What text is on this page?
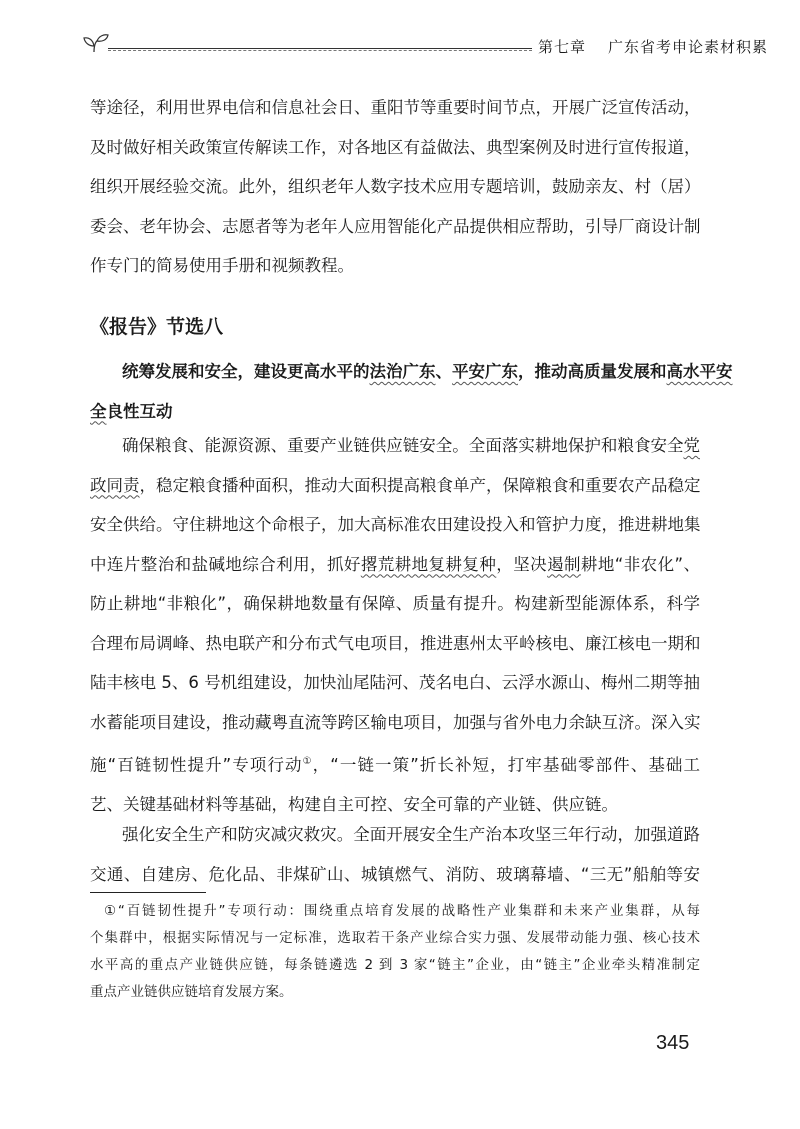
第七章 广东省考申论素材积累
等途径，利用世界电信和信息社会日、重阳节等重要时间节点，开展广泛宣传活动，
及时做好相关政策宣传解读工作，对各地区有益做法、典型案例及时进行宣传报道，
组织开展经验交流。此外，组织老年人数字技术应用专题培训，鼓励亲友、村（居）
委会、老年协会、志愿者等为老年人应用智能化产品提供相应帮助，引导厂商设计制
作专门的简易使用手册和视频教程。
《报告》节选八
统筹发展和安全，建设更高水平的法治广东、平安广东，推动高质量发展和高水平安
全良性互动
确保粮食、能源资源、重要产业链供应链安全。全面落实耕地保护和粮食安全党
政同责，稳定粮食播种面积，推动大面积提高粮食单产，保障粮食和重要农产品稳定
安全供给。守住耕地这个命根子，加大高标准农田建设投入和管护力度，推进耕地集
中连片整治和盐碱地综合利用，抓好撂荒耕地复耕复种，坚决遏制耕地“非农化”、
防止耕地“非粮化”，确保耕地数量有保障、质量有提升。构建新型能源体系，科学
合理布局调峰、热电联产和分布式气电项目，推进惠州太平岭核电、廉江核电一期和
陆丰核电 5、6 号机组建设，加快汕尾陆河、茂名电白、云浮水源山、梅州二期等抽
水蓄能项目建设，推动藏粤直流等跨区输电项目，加强与省外电力余缺互济。深入实
施“百链韧性提升”专项行动①，“一链一策”折长补短，打牢基础零部件、基础工
艺、关键基础材料等基础，构建自主可控、安全可靠的产业链、供应链。
强化安全生产和防灾减灾救灾。全面开展安全生产治本攻坚三年行动，加强道路
交通、自建房、危化品、非煤矿山、城镇燃气、消防、玻璃幕墙、“三无”船舶等安
①“百链韧性提升”专项行动：围绕重点培育发展的战略性产业集群和未来产业集群，从每
个集群中，根据实际情况与一定标准，选取若干条产业综合实力强、发展带动能力强、核心技术
水平高的重点产业链供应链，每条链遴选 2 到 3 家“链主”企业，由“链主”企业牵头精准制定
重点产业链供应链培育发展方案。
345
